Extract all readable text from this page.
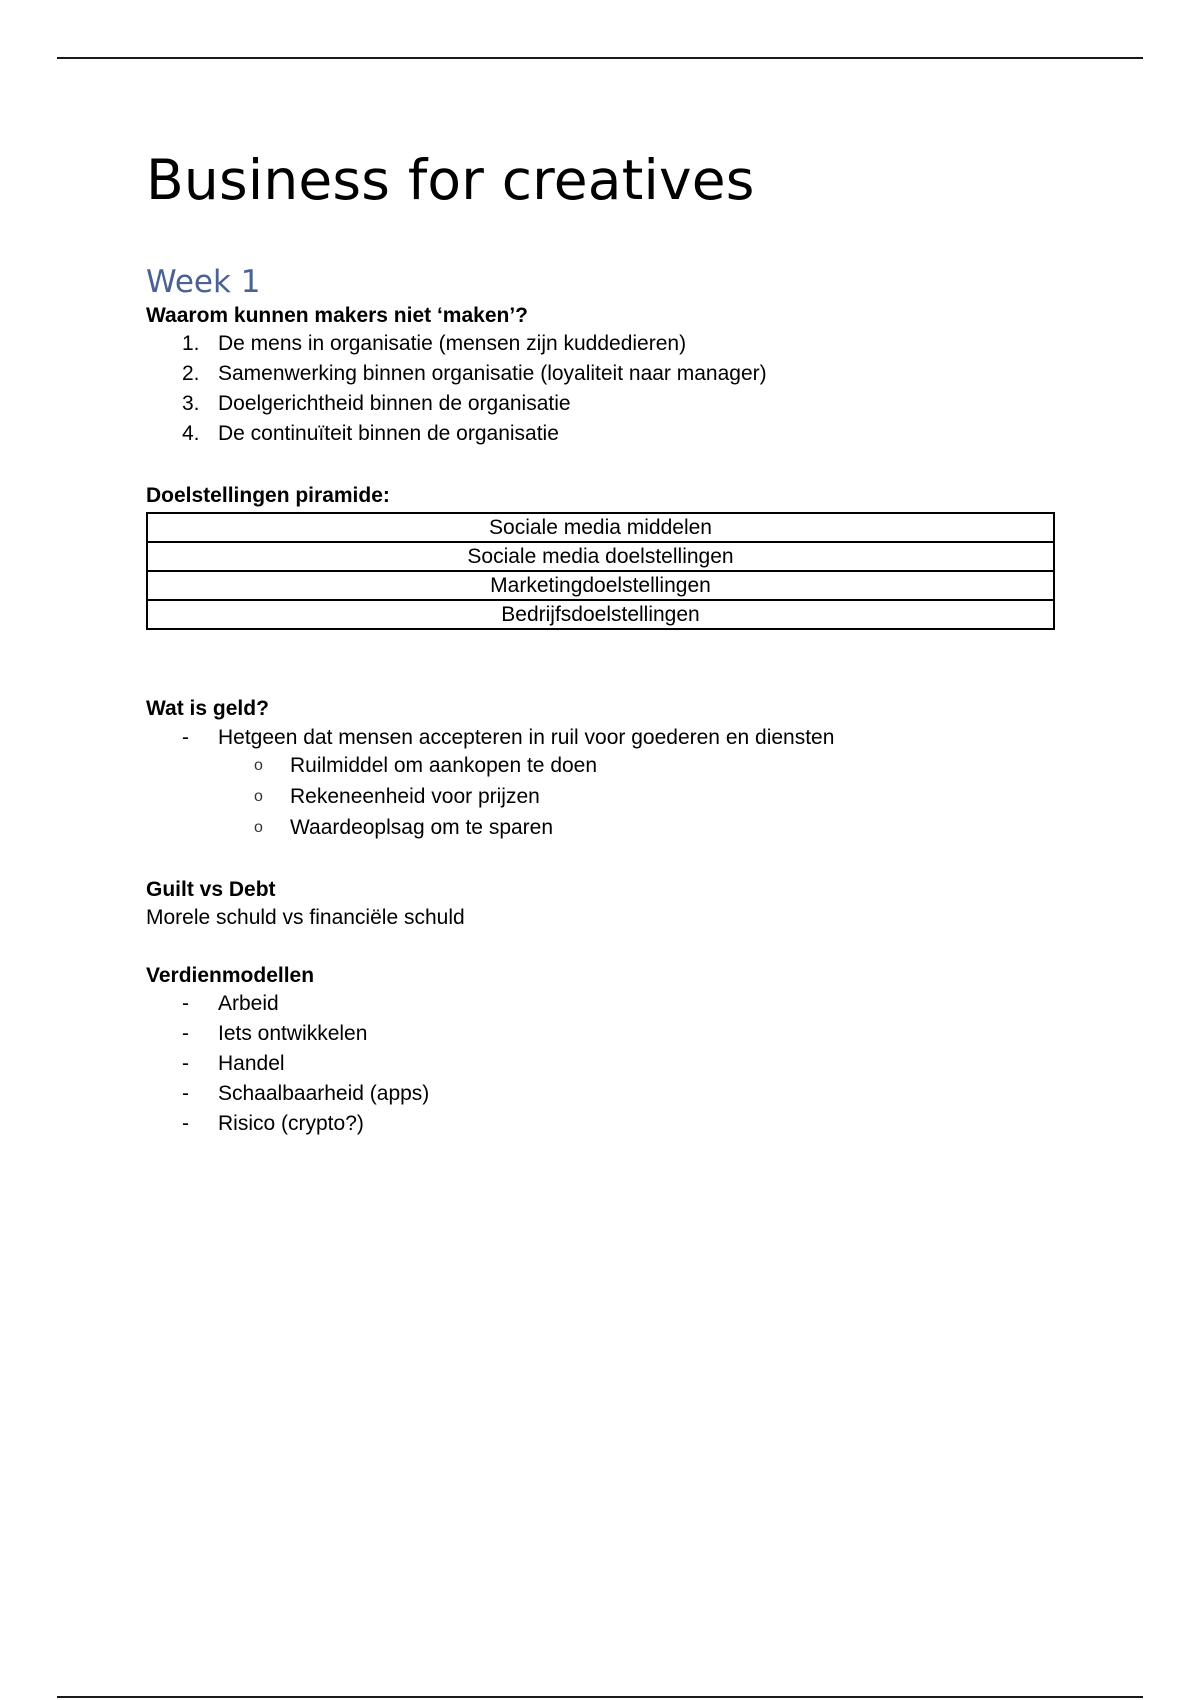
Business for creatives
Week 1
Waarom kunnen makers niet ‘maken’?
1. De mens in organisatie (mensen zijn kuddedieren)
2. Samenwerking binnen organisatie (loyaliteit naar manager)
3. Doelgerichtheid binnen de organisatie
4. De continuïteit binnen de organisatie
Doelstellingen piramide:
Sociale media middelen
Sociale media doelstellingen
Marketingdoelstellingen
Bedrijfsdoelstellingen
Wat is geld?
- Hetgeen dat mensen accepteren in ruil voor goederen en diensten
o Ruilmiddel om aankopen te doen
o Rekeneenheid voor prijzen
o Waardeoplsag om te sparen
Guilt vs Debt
Morele schuld vs financiële schuld
Verdienmodellen
- Arbeid
- Iets ontwikkelen
- Handel
- Schaalbaarheid (apps)
- Risico (crypto?)
